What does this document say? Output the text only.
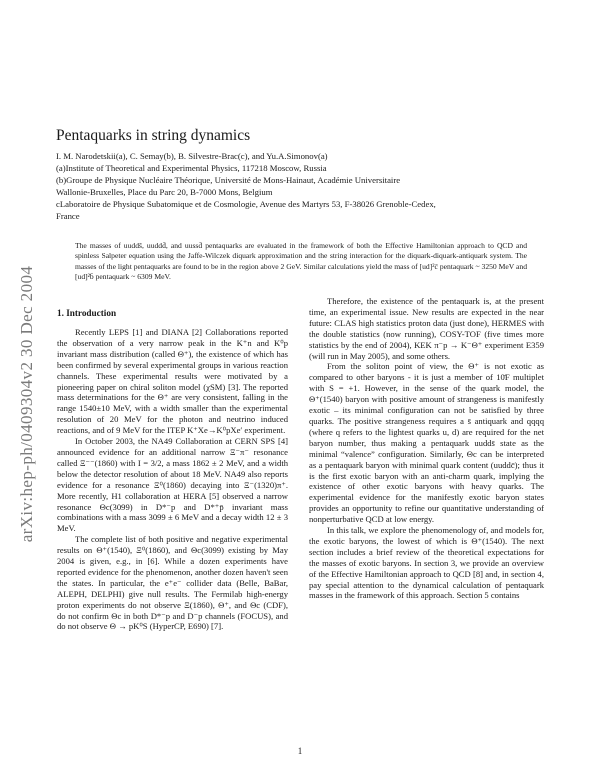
arXiv:hep-ph/0409304v2 30 Dec 2004
Pentaquarks in string dynamics
I. M. Narodetskii(a), C. Semay(b), B. Silvestre-Brac(c), and Yu.A.Simonov(a)
(a)Institute of Theoretical and Experimental Physics, 117218 Moscow, Russia
(b)Groupe de Physique Nucléaire Théorique, Université de Mons-Hainaut, Académie Universitaire
Wallonie-Bruxelles, Place du Parc 20, B-7000 Mons, Belgium
cLaboratoire de Physique Subatomique et de Cosmologie, Avenue des Martyrs 53, F-38026 Grenoble-Cedex,
France
The masses of uuddš, uuddd̄, and uussd̄ pentaquarks are evaluated in the framework of both the Effective Hamiltonian approach to QCD and spinless Salpeter equation using the Jaffe-Wilczek diquark approximation and the string interaction for the diquark-diquark-antiquark system. The masses of the light pentaquarks are found to be in the region above 2 GeV. Similar calculations yield the mass of [ud]²c̄ pentaquark ~ 3250 MeV and [ud]²b̄ pentaquark ~ 6309 MeV.
1. Introduction

Recently LEPS [1] and DIANA [2] Collaborations reported the observation of a very narrow peak in the K⁺n and K⁰p invariant mass distribution (called Θ⁺), the existence of which has been confirmed by several experimental groups in various reaction channels. These experimental results were motivated by a pioneering paper on chiral soliton model (χSM) [3]. The reported mass determinations for the Θ⁺ are very consistent, falling in the range 1540±10 MeV, with a width smaller than the experimental resolution of 20 MeV for the photon and neutrino induced reactions, and of 9 MeV for the ITEP K⁺Xe→K⁰pXe′ experiment.

In October 2003, the NA49 Collaboration at CERN SPS [4] announced evidence for an additional narrow Ξ⁻π⁻ resonance called Ξ⁻⁻(1860) with I = 3/2, a mass 1862 ± 2 MeV, and a width below the detector resolution of about 18 MeV. NA49 also reports evidence for a resonance Ξ⁰(1860) decaying into Ξ⁻(1320)π⁺. More recently, H1 collaboration at HERA [5] observed a narrow resonance Θc(3099) in D*⁻p and D*⁺p̄ invariant mass combinations with a mass 3099 ± 6 MeV and a decay width 12 ± 3 MeV.

The complete list of both positive and negative experimental results on Θ⁺(1540), Ξ⁰(1860), and Θc(3099) existing by May 2004 is given, e.g., in [6]. While a dozen experiments have reported evidence for the phenomenon, another dozen haven't seen the states. In particular, the e⁺e⁻ collider data (Belle, BaBar, ALEPH, DELPHI) give null results. The Fermilab high-energy proton experiments do not observe Ξ(1860), Θ⁺, and Θc (CDF), do not confirm Θc in both D*⁻p and D⁻p channels (FOCUS), and do not observe Θ → pK⁰S (HyperCP, E690) [7].

Therefore, the existence of the pentaquark is, at the present time, an experimental issue. New results are expected in the near future: CLAS high statistics proton data (just done), HERMES with the double statistics (now running), COSY-TOF (five times more statistics by the end of 2004), KEK π⁻p → K⁻Θ⁺ experiment E359 (will run in May 2005), and some others.

From the soliton point of view, the Θ⁺ is not exotic as compared to other baryons - it is just a member of 10̄F multiplet with S = +1. However, in the sense of the quark model, the Θ⁺(1540) baryon with positive amount of strangeness is manifestly exotic – its minimal configuration can not be satisfied by three quarks. The positive strangeness requires a s̄ antiquark and qqqq (where q refers to the lightest quarks u, d) are required for the net baryon number, thus making a pentaquark uudds̄ state as the minimal “valence” configuration. Similarly, Θc can be interpreted as a pentaquark baryon with minimal quark content (uuddc̄); thus it is the first exotic baryon with an anti-charm quark, implying the existence of other exotic baryons with heavy quarks. The experimental evidence for the manifestly exotic baryon states provides an opportunity to refine our quantitative understanding of nonperturbative QCD at low energy.

In this talk, we explore the phenomenology of, and models for, the exotic baryons, the lowest of which is Θ⁺(1540). The next section includes a brief review of the theoretical expectations for the masses of exotic baryons. In section 3, we provide an overview of the Effective Hamiltonian approach to QCD [8] and, in section 4, pay special attention to the dynamical calculation of pentaquark masses in the framework of this approach. Section 5 contains

1
